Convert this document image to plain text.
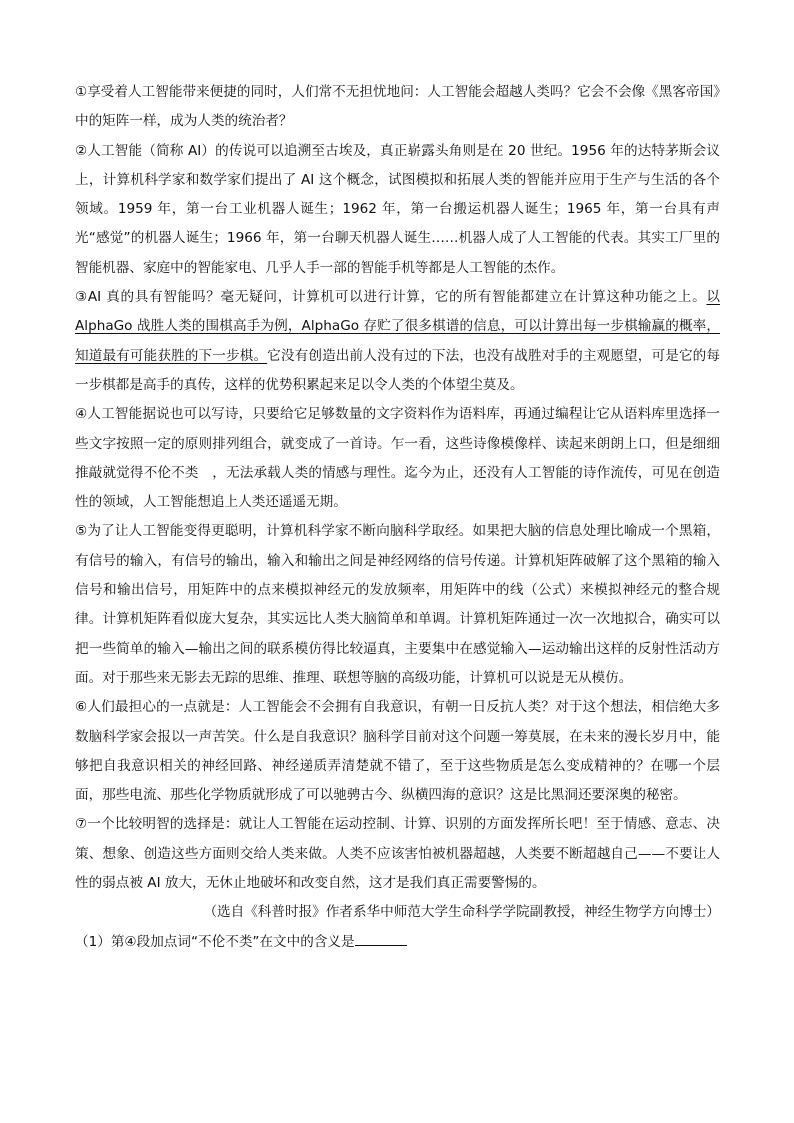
①享受着人工智能带来便捷的同时，人们常不无担忧地问：人工智能会超越人类吗？它会不会像《黑客帝国》中的矩阵一样，成为人类的统治者？

②人工智能（简称 AI）的传说可以追溯至古埃及，真正崭露头角则是在 20 世纪。1956 年的达特茅斯会议上，计算机科学家和数学家们提出了 AI 这个概念，试图模拟和拓展人类的智能并应用于生产与生活的各个领域。1959 年，第一台工业机器人诞生；1962 年，第一台搬运机器人诞生；1965 年，第一台具有声光“感觉”的机器人诞生；1966 年，第一台聊天机器人诞生……机器人成了人工智能的代表。其实工厂里的智能机器、家庭中的智能家电、几乎人手一部的智能手机等都是人工智能的杰作。

③AI 真的具有智能吗？毫无疑问，计算机可以进行计算，它的所有智能都建立在计算这种功能之上。以 AlphaGo 战胜人类的围棋高手为例，AlphaGo 存贮了很多棋谱的信息，可以计算出每一步棋输赢的概率，知道最有可能获胜的下一步棋。它没有创造出前人没有过的下法，也没有战胜对手的主观愿望，可是它的每一步棋都是高手的真传，这样的优势积累起来足以令人类的个体望尘莫及。

④人工智能据说也可以写诗，只要给它足够数量的文字资料作为语料库，再通过编程让它从语料库里选择一些文字按照一定的原则排列组合，就变成了一首诗。乍一看，这些诗像模像样、读起来朗朗上口，但是细细推敲就觉得不伦不类　，无法承载人类的情感与理性。迄今为止，还没有人工智能的诗作流传，可见在创造性的领域，人工智能想追上人类还遥遥无期。

⑤为了让人工智能变得更聪明，计算机科学家不断向脑科学取经。如果把大脑的信息处理比喻成一个黑箱，有信号的输入，有信号的输出，输入和输出之间是神经网络的信号传递。计算机矩阵破解了这个黑箱的输入信号和输出信号，用矩阵中的点来模拟神经元的发放频率，用矩阵中的线（公式）来模拟神经元的整合规律。计算机矩阵看似庞大复杂，其实远比人类大脑简单和单调。计算机矩阵通过一次一次地拟合，确实可以把一些简单的输入—输出之间的联系模仿得比较逼真，主要集中在感觉输入—运动输出这样的反射性活动方面。对于那些来无影去无踪的思维、推理、联想等脑的高级功能，计算机可以说是无从模仿。

⑥人们最担心的一点就是：人工智能会不会拥有自我意识，有朝一日反抗人类？对于这个想法，相信绝大多数脑科学家会报以一声苦笑。什么是自我意识？脑科学目前对这个问题一筹莫展，在未来的漫长岁月中，能够把自我意识相关的神经回路、神经递质弄清楚就不错了，至于这些物质是怎么变成精神的？在哪一个层面，那些电流、那些化学物质就形成了可以驰骋古今、纵横四海的意识？这是比黑洞还要深奥的秘密。

⑦一个比较明智的选择是：就让人工智能在运动控制、计算、识别的方面发挥所长吧！至于情感、意志、决策、想象、创造这些方面则交给人类来做。人类不应该害怕被机器超越，人类要不断超越自己——不要让人性的弱点被 AI 放大，无休止地破坏和改变自然，这才是我们真正需要警惕的。

（选自《科普时报》作者系华中师范大学生命科学学院副教授，神经生物学方向博士）

（1）第④段加点词“不伦不类”在文中的含义是
